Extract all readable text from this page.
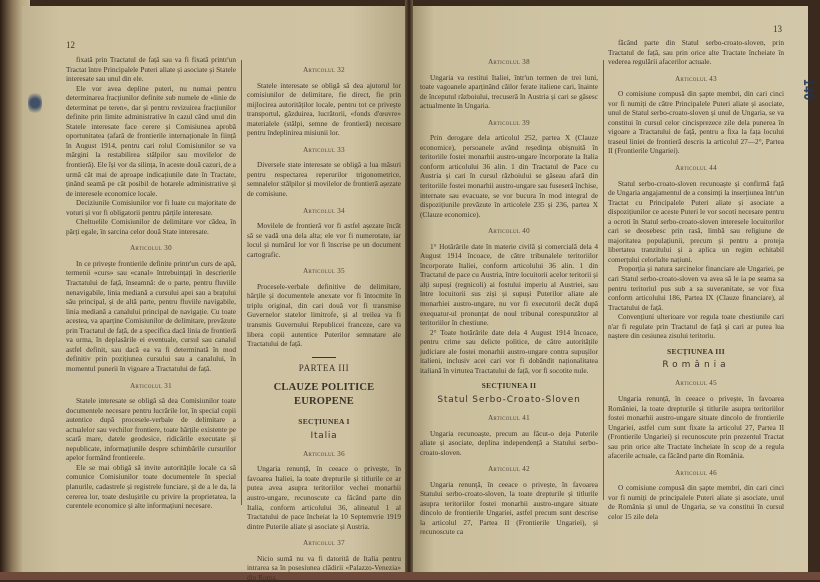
12
13

fixată prin Tractatul de față sau va fi fixată printr'un Tractat între Principalele Puteri aliate și asociate și Statele interesate sau unul din ele.

Ele vor avea depline puteri, nu numai pentru determinarea fracțiunilor definite sub numele de «linie de determinat pe teren», dar și pentru revizuirea fracțiunilor definite prin limite administrative în cazul când unul din Statele interesate face cerere și Comisiunea aprobă oportunitatea (afară de frontierile internaționale în ființă în August 1914, pentru cari rolul Comisiunilor se va mărgini la restabilirea stâlpilor sau movilelor de frontieră). Ele își vor da silința, în aceste două cazuri, de a urmă cât mai de aproape indicațiunile date în Tractate, ținând seamă pe cât posibil de hotarele administrative și de interesele economice locale.

Deciziunile Comisiunilor vor fi luate cu majoritate de voturi și vor fi obligatorii pentru părțile interesate.

Cheltuelile Comisiunilor de delimitare vor cădea, în părți egale, în sarcina celor două State interesate.

Articolul 30

In ce privește frontierile definite printr'un curs de apă, termenii «curs» sau «canal» întrebuințați în descrierile Tractatului de față, înseamnă: de o parte, pentru fluviile nenavigabile, linia mediană a cursului apei sau a brațului său principal, și de altă parte, pentru fluviile navigabile, linia mediană a canalului principal de navigație. Cu toate acestea, va aparține Comisiunilor de delimitare, prevăzute prin Tractatul de față, de a specifica dacă linia de frontieră va urma, în deplasările ei eventuale, cursul sau canalul astfel definit, sau dacă ea va fi determinată în mod definitiv prin pozițiunea cursului sau a canalului, în momentul punerii în vigoare a Tractatului de față.

Articolul 31

Statele interesate se obligă să dea Comisiunilor toate documentele necesare pentru lucrările lor, în special copii autentice după procesele-verbale de delimitare a actualelor sau vechilor frontiere, toate hărțile existente pe scară mare, datele geodesice, ridicările executate și nepublicate, informațiunile despre schimbările cursurilor apelor formând frontierele.

Ele se mai obligă să invite autoritățile locale ca să comunice Comisiunilor toate documentele în special planurile, cadastrele și registrele funciare, și de a le da, la cererea lor, toate deslușirile cu privire la proprietatea, la curentele economice și alte informațiuni necesare.

Articolul 32

Statele interesate se obligă să dea ajutorul lor comisiunilor de delimitare, fie direct, fie prin mijlocirea autorităților locale, pentru tot ce privește transportul, găzduirea, lucrătorii, «fonds d'œuvre» materialele (stâlpi, semne de frontieră) necesare pentru îndeplinirea misiunii lor.

Articolul 33

Diversele state interesate se obligă a lua măsuri pentru respectarea reperurilor trigonometrice, semnalelor stâlpilor și movilelor de frontieră așezate de comisiune.

Articolul 34

Movilele de frontieră vor fi astfel așezate încât să se vadă una dela alta; ele vor fi numerotate, iar locul și numărul lor vor fi înscrise pe un document cartografic.

Articolul 35

Procesele-verbale definitive de delimitare, hărțile și documentele anexate vor fi întocmite în triplu original, din cari două vor fi transmise Guvernelor statelor limitrofe, și al treilea va fi transmis Guvernului Republicei franceze, care va libera copii autentice Puterilor semnatare ale Tractatului de față.

PARTEA III
CLAUZE POLITICE EUROPENE
SECȚIUNEA I
Italia
Articolul 36

Ungaria renunță, în ceeace o privește, în favoarea Italiei, la toate drepturile și titlurile ce ar putea avea asupra teritoriilor vechei monarhii austro-ungare, recunoscute ca făcând parte din Italia, conform articolului 36, alineatul 1 al Tractatului de pace încheiat la 10 Septemvrie 1919 dintre Puterile aliate și asociate și Austria.

Articolul 37

Nicio sumă nu va fi datorită de Italia pentru intrarea sa în posesiunea clădirii «Palazzo-Venezia» din Roma.

Articolul 38

Ungaria va restitui Italiei, într'un termen de trei luni, toate vagoanele aparținând căilor ferate italiene cari, înainte de începutul războiului, trecuseră în Austria și cari se găsesc actualmente în Ungaria.

Articolul 39

Prin derogare dela articolul 252, partea X (Clauze economice), persoanele având reședința obișnuită în teritoriile fostei monarhii austro-ungare încorporate la Italia conform articolului 36 alin. 1 din Tractatul de Pace cu Austria și cari în cursul războiului se găseau afară din teritoriile fostei monarhii austro-ungare sau fuseseră închise, internate sau evacuate, se vor bucura în mod integral de dispozițiunile prevăzute în articolele 235 și 236, partea X (Clauze economice).

Articolul 40

1° Hotărârile date în materie civilă și comercială dela 4 August 1914 încoace, de către tribunalele teritoriilor încorporate Italiei, conform articolului 36 alin. 1 din Tractatul de pace cu Austria, între locuitorii acelor teritorii și alți supuși (regnicoli) ai fostului imperiu al Austriei, sau între locuitorii sus ziși și supuși Puterilor aliate ale monarhiei austro-ungare, nu vor fi executorii decât după exequatur-ul pronunțat de noul tribunal corespunzător al teritoriilor în chestiune.

2° Toate hotărârile date dela 4 August 1914 încoace, pentru crime sau delicte politice, de către autoritățile judiciare ale fostei monarhii austro-ungare contra supușilor italieni, inclusiv acei cari vor fi dobândit naționalitatea italiană în virtutea Tractatului de față, vor fi socotite nule.

SECȚIUNEA II
Statul Serbo-Croato-Sloven
Articolul 41

Ungaria recunoaște, precum au făcut-o deja Puterile aliate și asociate, deplina independență a Statului serbo-croato-sloven.

Articolul 42

Ungaria renunță, în ceeace o privește, în favoarea Statului serbo-croato-sloven, la toate drepturile și titlurile asupra teritoriilor fostei monarhii austro-ungare situate dincolo de frontierile Ungariei, astfel precum sunt descrise la articolul 27, Partea II (Frontierile Ungariei), și recunoscute ca

făcând parte din Statul serbo-croato-sloven, prin Tractatul de față, sau prin orice alte Tractate încheiate în vederea regulării afacerilor actuale.

Articolul 43

O comisiune compusă din șapte membri, din cari cinci vor fi numiți de către Principalele Puteri aliate și asociate, unul de Statul serbo-croato-sloven și unul de Ungaria, se va constitui în cursul celor cincisprezece zile dela punerea în vigoare a Tractatului de față, pentru a fixa la fața locului traseul liniei de frontieră descris la articolul 27—2°, Partea II (Frontierile Ungariei).

Articolul 44

Statul serbo-croato-sloven recunoaște și confirmă față de Ungaria angajamentul de a consimți la inserțiunea într'un Tractat cu Principalele Puteri aliate și asociate a dispozițiunilor ce aceste Puteri le vor socoti necesare pentru a ocroti în Statul serbo-croato-sloven interesele locuitorilor cari se deosebesc prin rasă, limbă sau religiune de majoritatea populațiunii, precum și pentru a proteja libertatea tranzitului și a aplica un regim echitabil comerțului celorlalte națiuni.

Proporția și natura sarcinelor financiare ale Ungariei, pe cari Statul serbo-croato-sloven va avea să le ia pe seama sa pentru teritoriul pus sub a sa suveranitate, se vor fixa conform articolului 186, Partea IX (Clauze financiare), al Tractatului de față.

Convențiuni ulterioare vor regula toate chestiunile cari n'ar fi regulate prin Tractatul de față și cari ar putea lua naștere din cesiunea zisului teritoriu.

SECȚIUNEA III
România
Articolul 45

Ungaria renunță, în ceeace o privește, în favoarea României, la toate drepturile și titlurile asupra teritoriilor fostei monarhii austro-ungare situate dincolo de frontierile Ungariei, astfel cum sunt fixate la articolul 27, Partea II (Frontierile Ungariei) și recunoscute prin prezentul Tractat sau prin orice alte Tractate încheiate în scop de a regula afacerile actuale, ca făcând parte din România.

Articolul 46

O comisiune compusă din șapte membri, din cari cinci vor fi numiți de principalele Puteri aliate și asociate, unul de România și unul de Ungaria, se va constitui în cursul celor 15 zile dela

140
